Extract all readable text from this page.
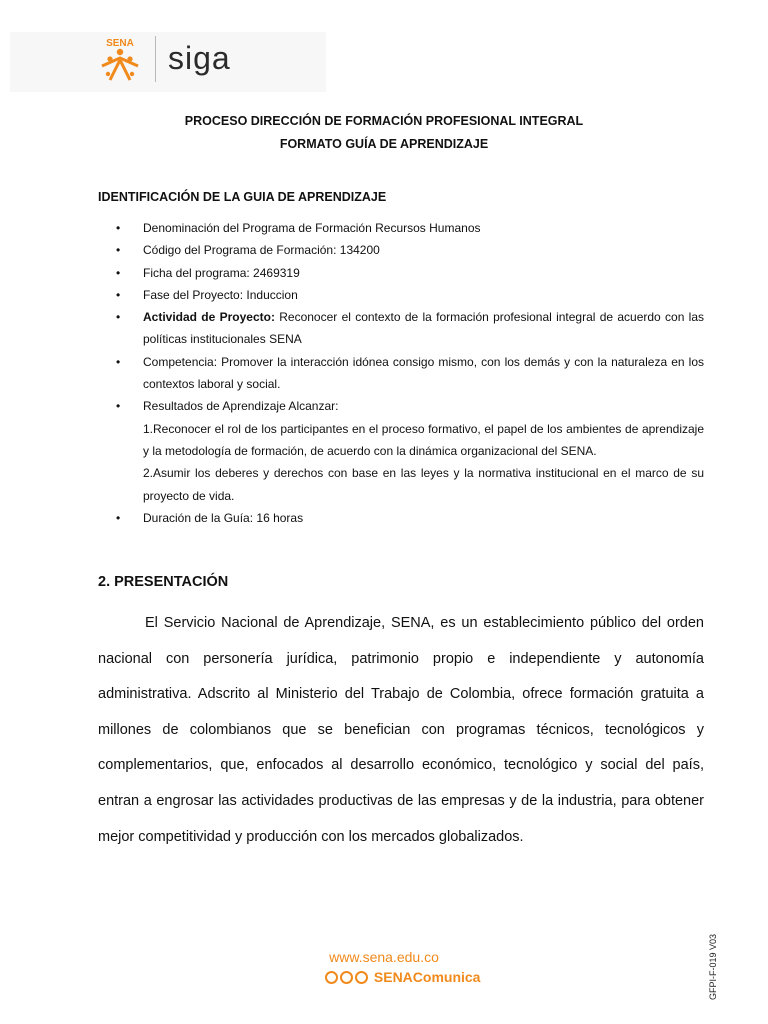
SENA siga
PROCESO DIRECCIÓN DE FORMACIÓN PROFESIONAL INTEGRAL
FORMATO GUÍA DE APRENDIZAJE
IDENTIFICACIÓN DE LA GUIA DE APRENDIZAJE
• Denominación del Programa de Formación Recursos Humanos
• Código del Programa de Formación: 134200
• Ficha del programa: 2469319
• Fase del Proyecto: Induccion
• Actividad de Proyecto: Reconocer el contexto de la formación profesional integral de acuerdo con las políticas institucionales SENA
• Competencia: Promover la interacción idónea consigo mismo, con los demás y con la naturaleza en los contextos laboral y social.
• Resultados de Aprendizaje Alcanzar:
1.Reconocer el rol de los participantes en el proceso formativo, el papel de los ambientes de aprendizaje y la metodología de formación, de acuerdo con la dinámica organizacional del SENA.
2.Asumir los deberes y derechos con base en las leyes y la normativa institucional en el marco de su proyecto de vida.
• Duración de la Guía: 16 horas
2. PRESENTACIÓN

El Servicio Nacional de Aprendizaje, SENA, es un establecimiento público del orden nacional con personería jurídica, patrimonio propio e independiente y autonomía administrativa. Adscrito al Ministerio del Trabajo de Colombia, ofrece formación gratuita a millones de colombianos que se benefician con programas técnicos, tecnológicos y complementarios, que, enfocados al desarrollo económico, tecnológico y social del país, entran a engrosar las actividades productivas de las empresas y de la industria, para obtener mejor competitividad y producción con los mercados globalizados.

www.sena.edu.co
SENAComunica	GFPI-F-019 V03
